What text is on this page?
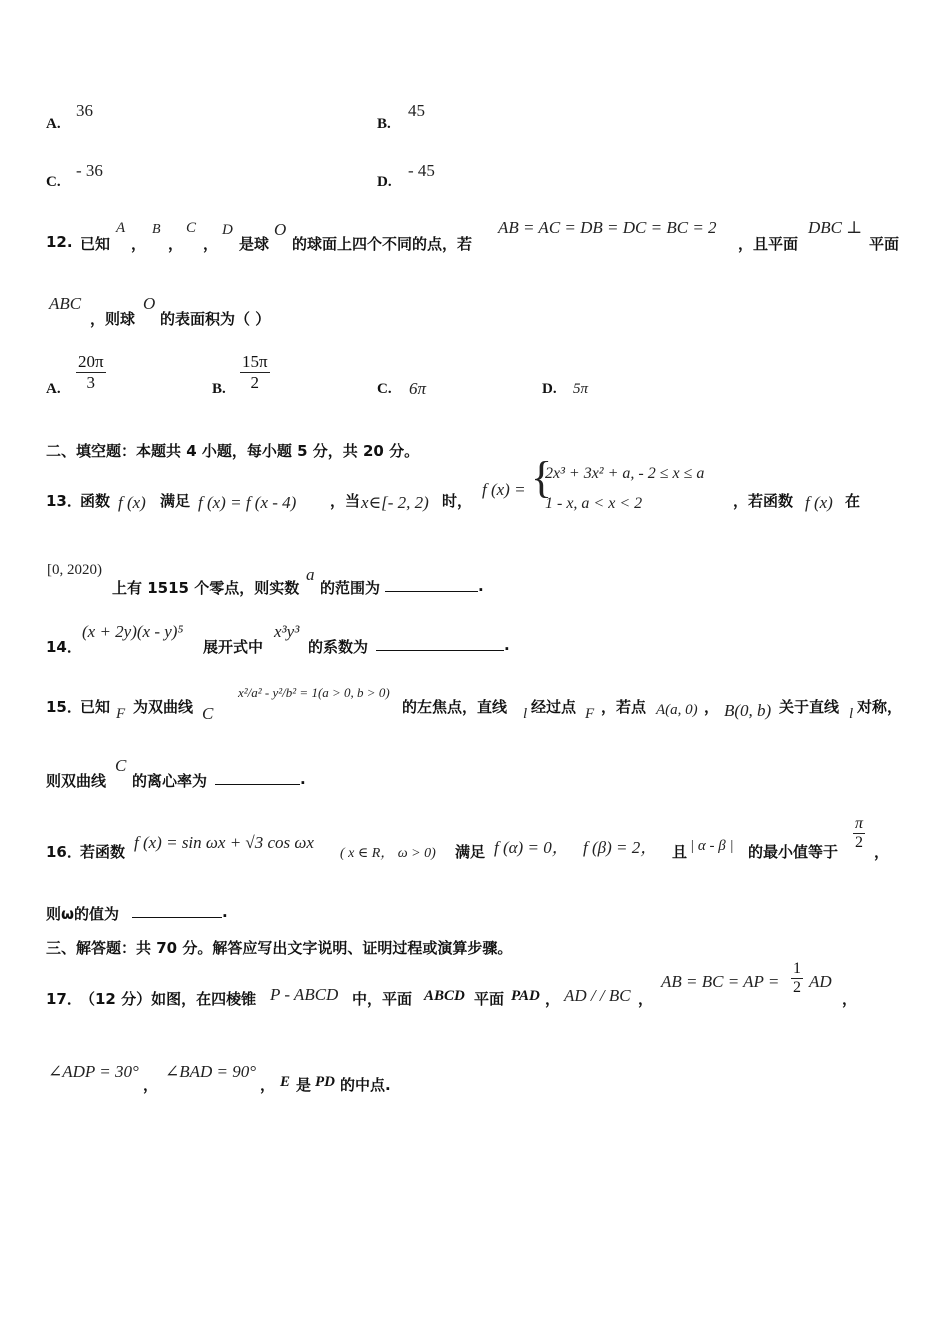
A.
36
B.
45
C.
- 36
D.
- 45
12. 已知
A
，
B
，
C
，
D
是球
O
的球面上四个不同的点，若
AB = AC = DB = DC = BC = 2
，且平面
DBC ⊥
平面
ABC
，则球
O
的表面积为（ ）
A. $\frac{20\pi}{3}$	B. $\frac{15\pi}{2}$	C. 6π	D. 5π
二、填空题：本题共 4 小题，每小题 5 分，共 20 分。
13．
函数 f (x) 满足 f (x) = f (x - 4) ，当 x∈[- 2, 2) 时，
f (x) = {
2x³ + 3x² + a, - 2 ≤ x ≤ a
1 - x, a < x < 2	，若函数 f (x) 在
[0, 2020)
上有 1515 个零点，则实数
a
的范围为	.
14．
(x + 2y)(x - y)⁵
展开式中
x³y³
的系数为	.
15．
已知 F 为双曲线 C
x²/a² - y²/b² = 1(a > 0, b > 0)
的左焦点，直线 l 经过点 F ，若点 A(a, 0) ， B(0, b) 关于直线 l 对称，
则双曲线
C
的离心率为	.
16．
若函数 f (x) = sin ωx + √3 cos ωx
( x ∈ R， ω > 0) 满足 f (α) = 0， f (β) = 2， 且 | α - β | 的最小值等于 $\frac{\pi}{2}$ ，
则ω的值为	.
三、解答题：共 70 分。解答应写出文字说明、证明过程或演算步骤。
17．
（12 分）如图，在四棱锥 P - ABCD 中，平面 ABCD 平面 PAD ， AD / / BC ，
AB = BC = AP = $\frac{1}{2}$ AD
，
∠ADP = 30°
，
∠BAD = 90°
， E 是 PD 的中点.
